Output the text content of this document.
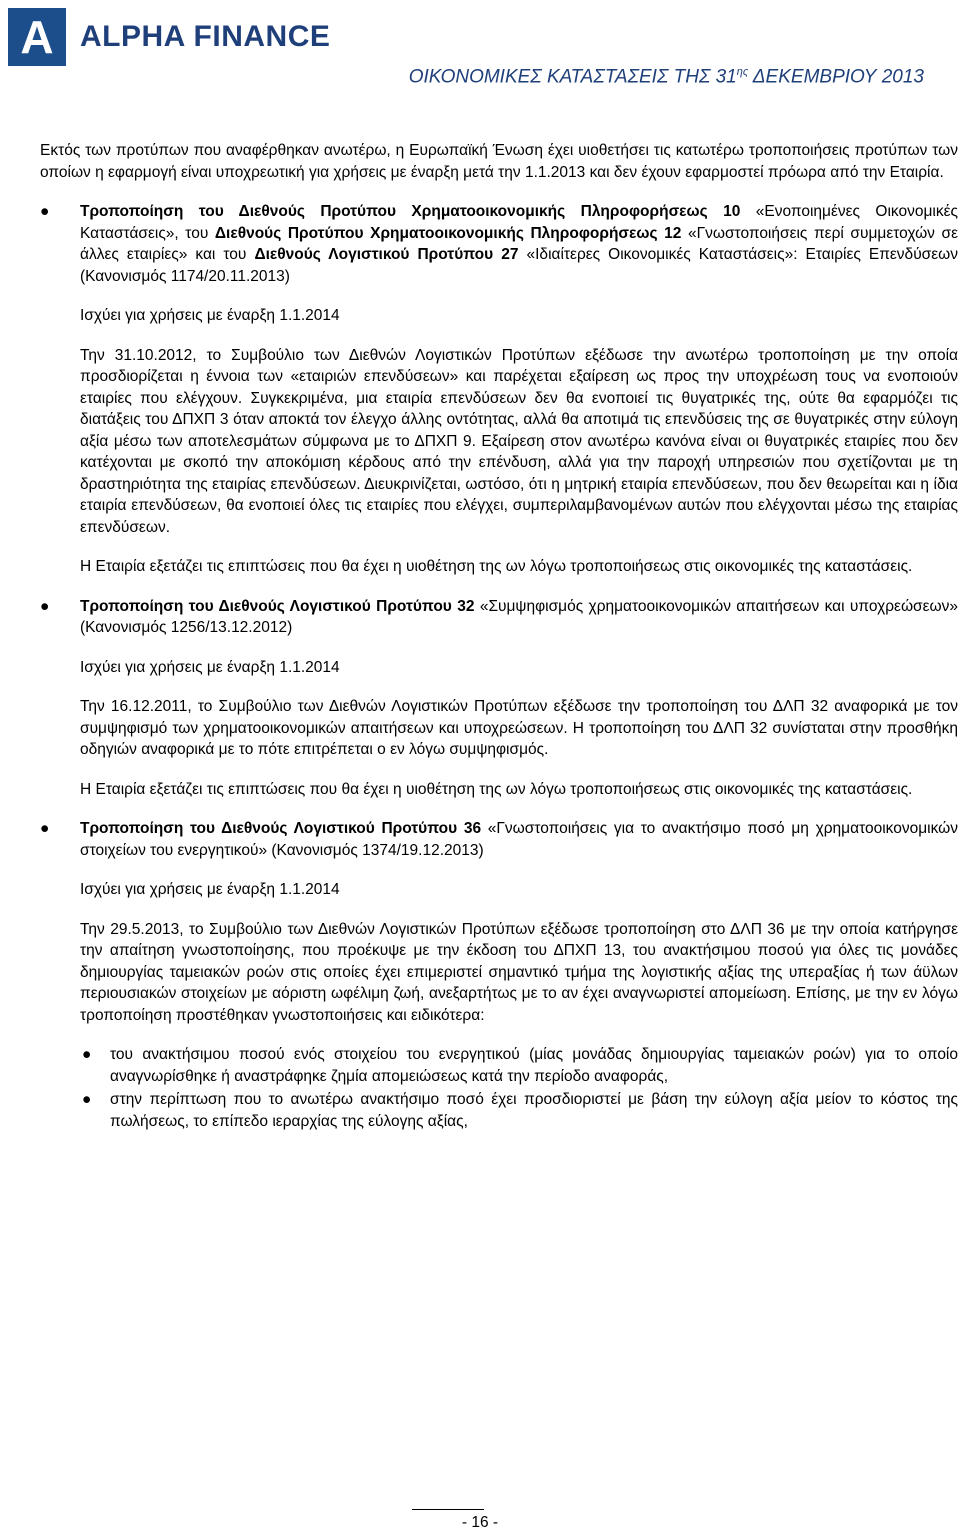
Α ALPHA FINANCE
ΟΙΚΟΝΟΜΙΚΕΣ ΚΑΤΑΣΤΑΣΕΙΣ ΤΗΣ $31^{\eta\varsigma}$ ΔΕΚΕΜΒΡΙΟΥ 2013

Εκτός των προτύπων που αναφέρθηκαν ανωτέρω, η Ευρωπαϊκή Ένωση έχει υιοθετήσει τις κατωτέρω τροποποιήσεις προτύπων των οποίων η εφαρμογή είναι υποχρεωτική για χρήσεις με έναρξη μετά την 1.1.2013 και δεν έχουν εφαρμοστεί πρόωρα από την Εταιρία.

● Τροποποίηση του Διεθνούς Προτύπου Χρηματοοικονομικής Πληροφορήσεως 10 «Ενοποιημένες Οικονομικές Καταστάσεις», του Διεθνούς Προτύπου Χρηματοοικονομικής Πληροφορήσεως 12 «Γνωστοποιήσεις περί συμμετοχών σε άλλες εταιρίες» και του Διεθνούς Λογιστικού Προτύπου 27 «Ιδιαίτερες Οικονομικές Καταστάσεις»: Εταιρίες Επενδύσεων (Κανονισμός 1174/20.11.2013)

Ισχύει για χρήσεις με έναρξη 1.1.2014

Την 31.10.2012, το Συμβούλιο των Διεθνών Λογιστικών Προτύπων εξέδωσε την ανωτέρω τροποποίηση με την οποία προσδιορίζεται η έννοια των «εταιριών επενδύσεων» και παρέχεται εξαίρεση ως προς την υποχρέωση τους να ενοποιούν εταιρίες που ελέγχουν. Συγκεκριμένα, μια εταιρία επενδύσεων δεν θα ενοποιεί τις θυγατρικές της, ούτε θα εφαρμόζει τις διατάξεις του ΔΠΧΠ 3 όταν αποκτά τον έλεγχο άλλης οντότητας, αλλά θα αποτιμά τις επενδύσεις της σε θυγατρικές στην εύλογη αξία μέσω των αποτελεσμάτων σύμφωνα με το ΔΠΧΠ 9. Εξαίρεση στον ανωτέρω κανόνα είναι οι θυγατρικές εταιρίες που δεν κατέχονται με σκοπό την αποκόμιση κέρδους από την επένδυση, αλλά για την παροχή υπηρεσιών που σχετίζονται με τη δραστηριότητα της εταιρίας επενδύσεων. Διευκρινίζεται, ωστόσο, ότι η μητρική εταιρία επενδύσεων, που δεν θεωρείται και η ίδια εταιρία επενδύσεων, θα ενοποιεί όλες τις εταιρίες που ελέγχει, συμπεριλαμβανομένων αυτών που ελέγχονται μέσω της εταιρίας επενδύσεων.

Η Εταιρία εξετάζει τις επιπτώσεις που θα έχει η υιοθέτηση της ων λόγω τροποποιήσεως στις οικονομικές της καταστάσεις.

● Τροποποίηση του Διεθνούς Λογιστικού Προτύπου 32 «Συμψηφισμός χρηματοοικονομικών απαιτήσεων και υποχρεώσεων» (Κανονισμός 1256/13.12.2012)

Ισχύει για χρήσεις με έναρξη 1.1.2014

Την 16.12.2011, το Συμβούλιο των Διεθνών Λογιστικών Προτύπων εξέδωσε την τροποποίηση του ΔΛΠ 32 αναφορικά με τον συμψηφισμό των χρηματοοικονομικών απαιτήσεων και υποχρεώσεων. Η τροποποίηση του ΔΛΠ 32 συνίσταται στην προσθήκη οδηγιών αναφορικά με το πότε επιτρέπεται ο εν λόγω συμψηφισμός.

Η Εταιρία εξετάζει τις επιπτώσεις που θα έχει η υιοθέτηση της ων λόγω τροποποιήσεως στις οικονομικές της καταστάσεις.

● Τροποποίηση του Διεθνούς Λογιστικού Προτύπου 36 «Γνωστοποιήσεις για το ανακτήσιμο ποσό μη χρηματοοικονομικών στοιχείων του ενεργητικού» (Κανονισμός 1374/19.12.2013)

Ισχύει για χρήσεις με έναρξη 1.1.2014

Την 29.5.2013, το Συμβούλιο των Διεθνών Λογιστικών Προτύπων εξέδωσε τροποποίηση στο ΔΛΠ 36 με την οποία κατήργησε την απαίτηση γνωστοποίησης, που προέκυψε με την έκδοση του ΔΠΧΠ 13, του ανακτήσιμου ποσού για όλες τις μονάδες δημιουργίας ταμειακών ροών στις οποίες έχει επιμεριστεί σημαντικό τμήμα της λογιστικής αξίας της υπεραξίας ή των άϋλων περιουσιακών στοιχείων με αόριστη ωφέλιμη ζωή, ανεξαρτήτως με το αν έχει αναγνωριστεί απομείωση. Επίσης, με την εν λόγω τροποποίηση προστέθηκαν γνωστοποιήσεις και ειδικότερα:

● του ανακτήσιμου ποσού ενός στοιχείου του ενεργητικού (μίας μονάδας δημιουργίας ταμειακών ροών) για το οποίο αναγνωρίσθηκε ή αναστράφηκε ζημία απομειώσεως κατά την περίοδο αναφοράς,
● στην περίπτωση που το ανωτέρω ανακτήσιμο ποσό έχει προσδιοριστεί με βάση την εύλογη αξία μείον το κόστος της πωλήσεως, το επίπεδο ιεραρχίας της εύλογης αξίας,
- 16 -
